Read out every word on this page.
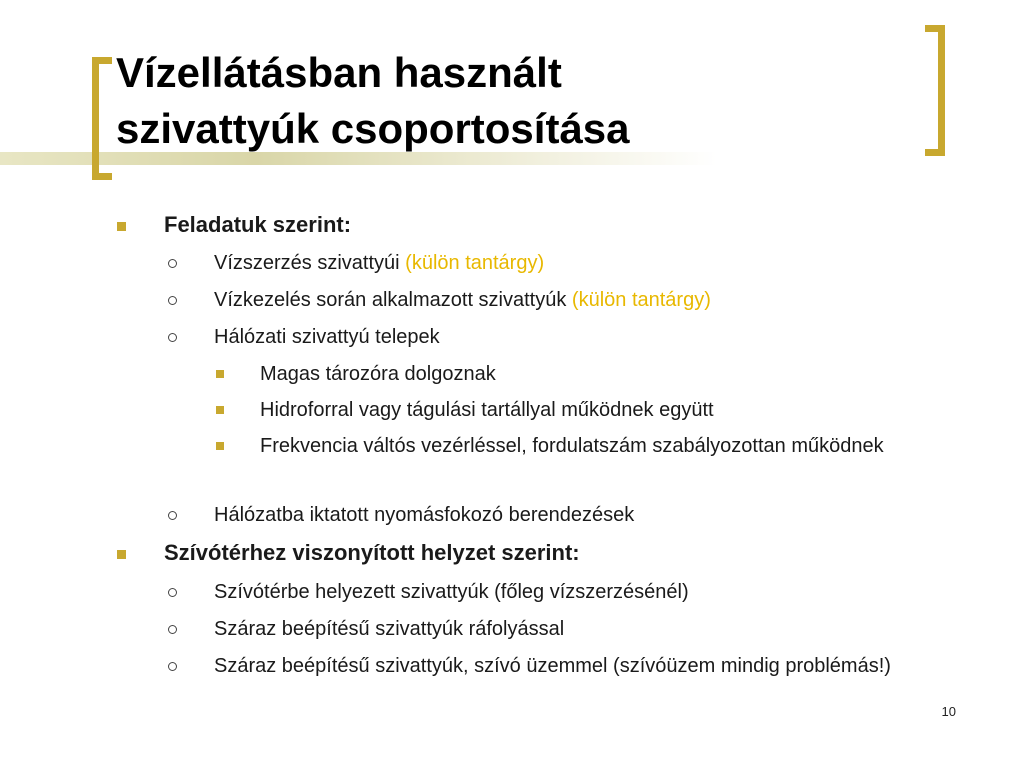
Vízellátásban használt
szivattyúk csoportosítása
Feladatuk szerint:
Vízszerzés szivattyúi (külön tantárgy)
Vízkezelés során alkalmazott szivattyúk (külön tantárgy)
Hálózati szivattyú telepek
Magas tározóra dolgoznak
Hidroforral vagy tágulási tartállyal működnek együtt
Frekvencia váltós vezérléssel, fordulatszám szabályozottan működnek
Hálózatba iktatott nyomásfokozó berendezések
Szívótérhez viszonyított helyzet szerint:
Szívótérbe helyezett szivattyúk (főleg vízszerzésénél)
Száraz beépítésű szivattyúk ráfolyással
Száraz beépítésű szivattyúk, szívó üzemmel (szívóüzem mindig problémás!)
10
